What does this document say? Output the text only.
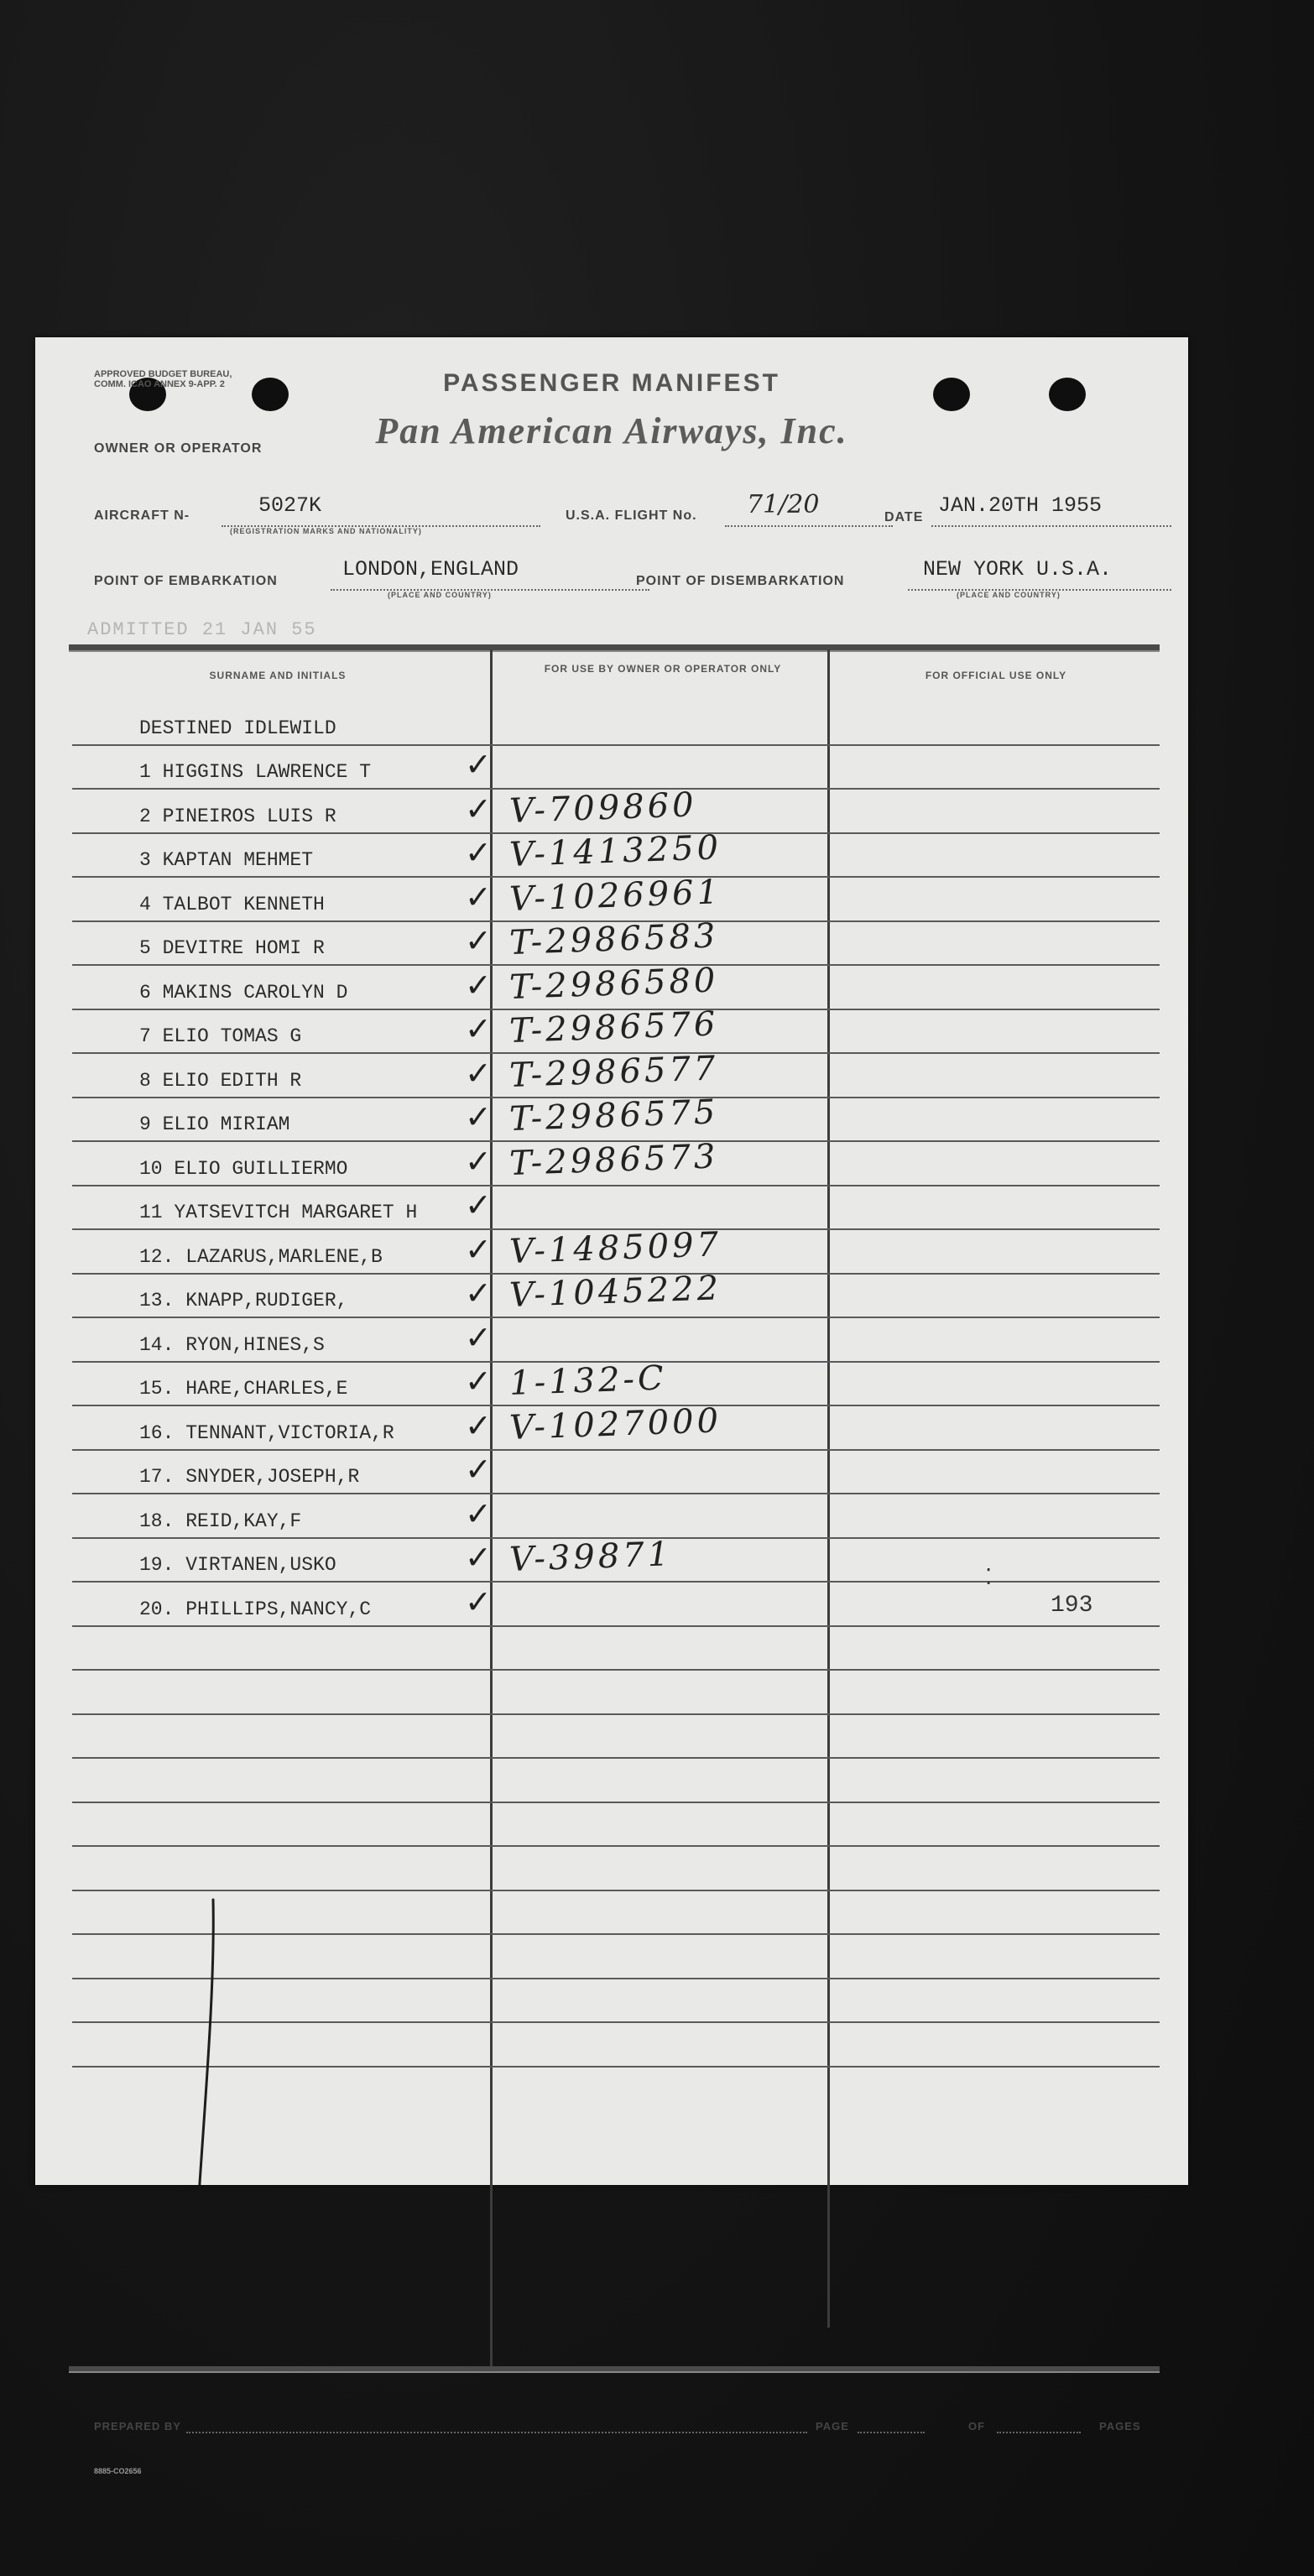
APPROVED BUDGET BUREAU, COMM. ICAO ANNEX 9-APP. 2	PASSENGER MANIFEST
Pan American Airways, Inc.
OWNER OR OPERATOR
AIRCRAFT N-	5027K
(REGISTRATION MARKS AND NATIONALITY)
U.S.A. FLIGHT No. 71/20	DATE JAN.20TH 1955
POINT OF EMBARKATION	LONDON,ENGLAND
(PLACE AND COUNTRY)
POINT OF DISEMBARKATION	NEW YORK U.S.A.
(PLACE AND COUNTRY)
ADMITTED 21 JAN 55
SURNAME AND INITIALS
FOR USE BY OWNER OR OPERATOR ONLY
FOR OFFICIAL USE ONLY
DESTINED IDLEWILD
1 HIGGINS LAWRENCE T	✓
2 PINEIROS LUIS R	✓ V-709860
3 KAPTAN MEHMET	✓ V-1413250
4 TALBOT KENNETH	✓ V-1026961
5 DEVITRE HOMI R	✓ T-2986583
6 MAKINS CAROLYN D	✓ T-2986580
7 ELIO TOMAS G	✓ T-2986576
8 ELIO EDITH R	✓ T-2986577
9 ELIO MIRIAM	✓ T-2986575
10 ELIO GUILLIERMO	✓ T-2986573
11 YATSEVITCH MARGARET H ✓
12. LAZARUS,MARLENE,B	✓ V-1485097
13. KNAPP,RUDIGER,	✓ V-1045222
14. RYON,HINES,S	✓
15. HARE,CHARLES,E	✓ 1-132-C
16. TENNANT,VICTORIA,R ✓ V-1027000
17. SNYDER,JOSEPH,R	✓
18. REID,KAY,F	✓
19. VIRTANEN,USKO	✓ V-39871
20. PHILLIPS,NANCY,C	✓
⁚
193
PREPARED BY	PAGE	OF	PAGES
8885-CO2656
